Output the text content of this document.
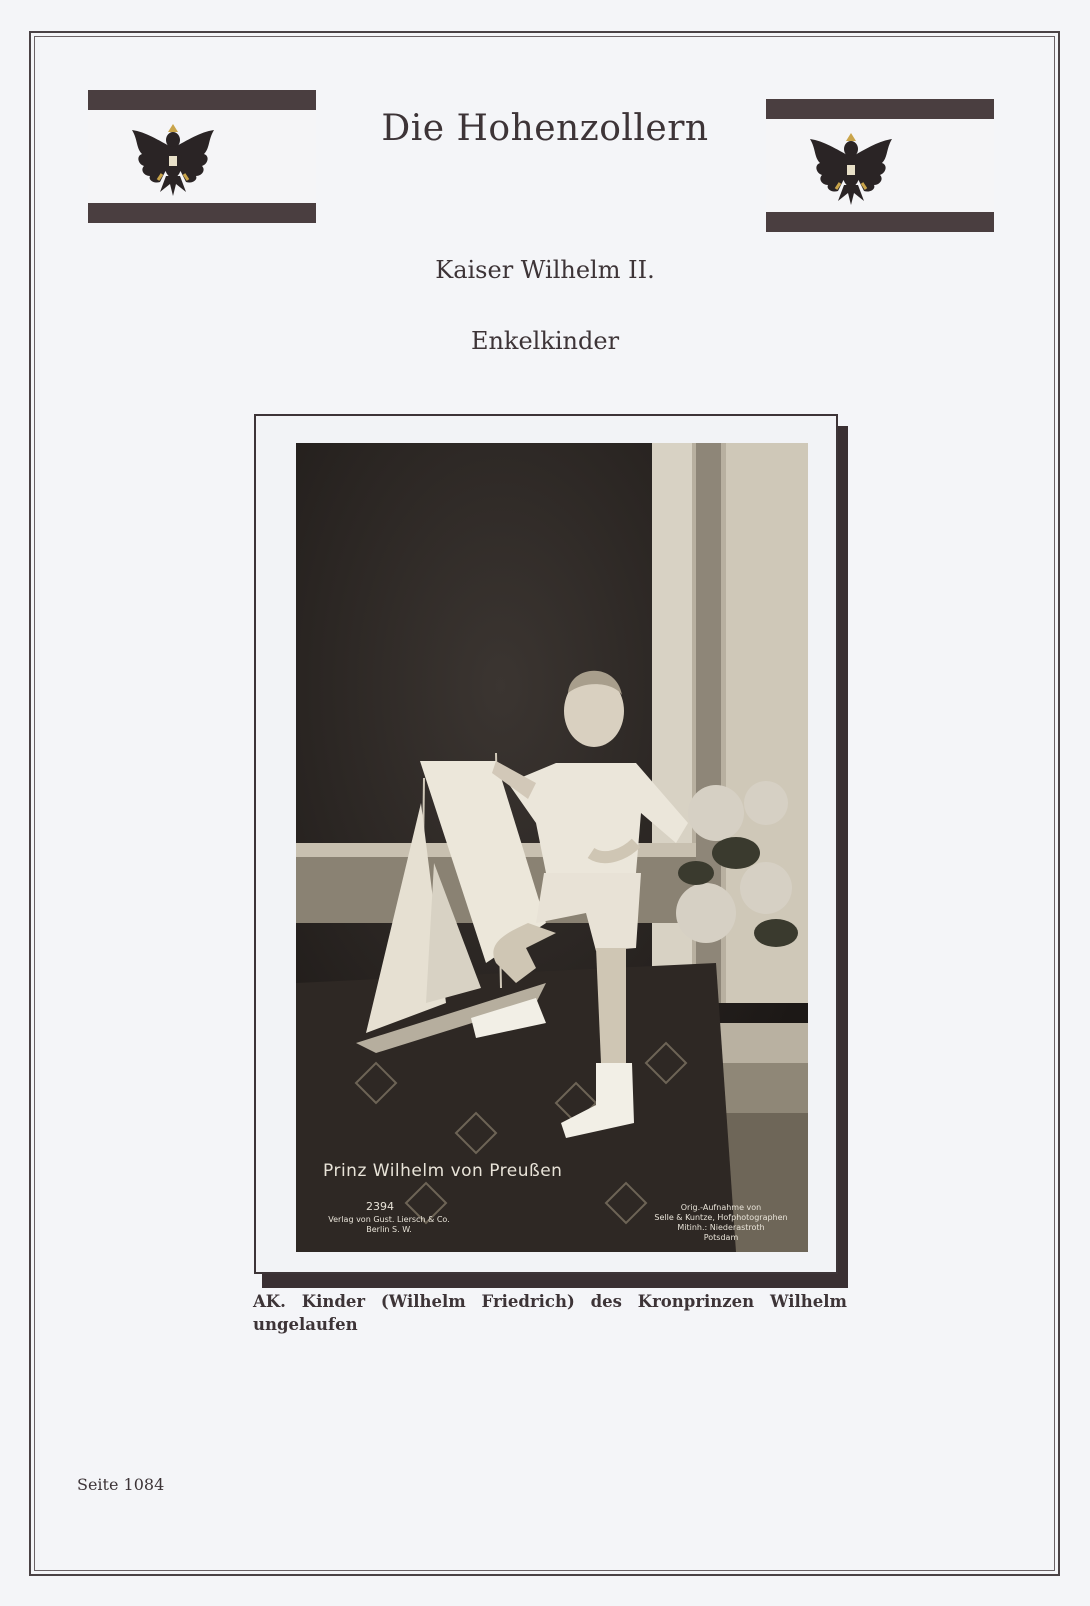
Die Hohenzollern
Kaiser Wilhelm II.
Enkelkinder
Prinz Wilhelm von Preußen
2394
Verlag von Gust. Liersch & Co.
Berlin S. W.
Orig.-Aufnahme von
Selle & Kuntze, Hofphotographen
Mitinh.: Niederastroth
Potsdam
AK. Kinder (Wilhelm Friedrich) des Kronprinzen Wilhelm
ungelaufen
Seite 1084
